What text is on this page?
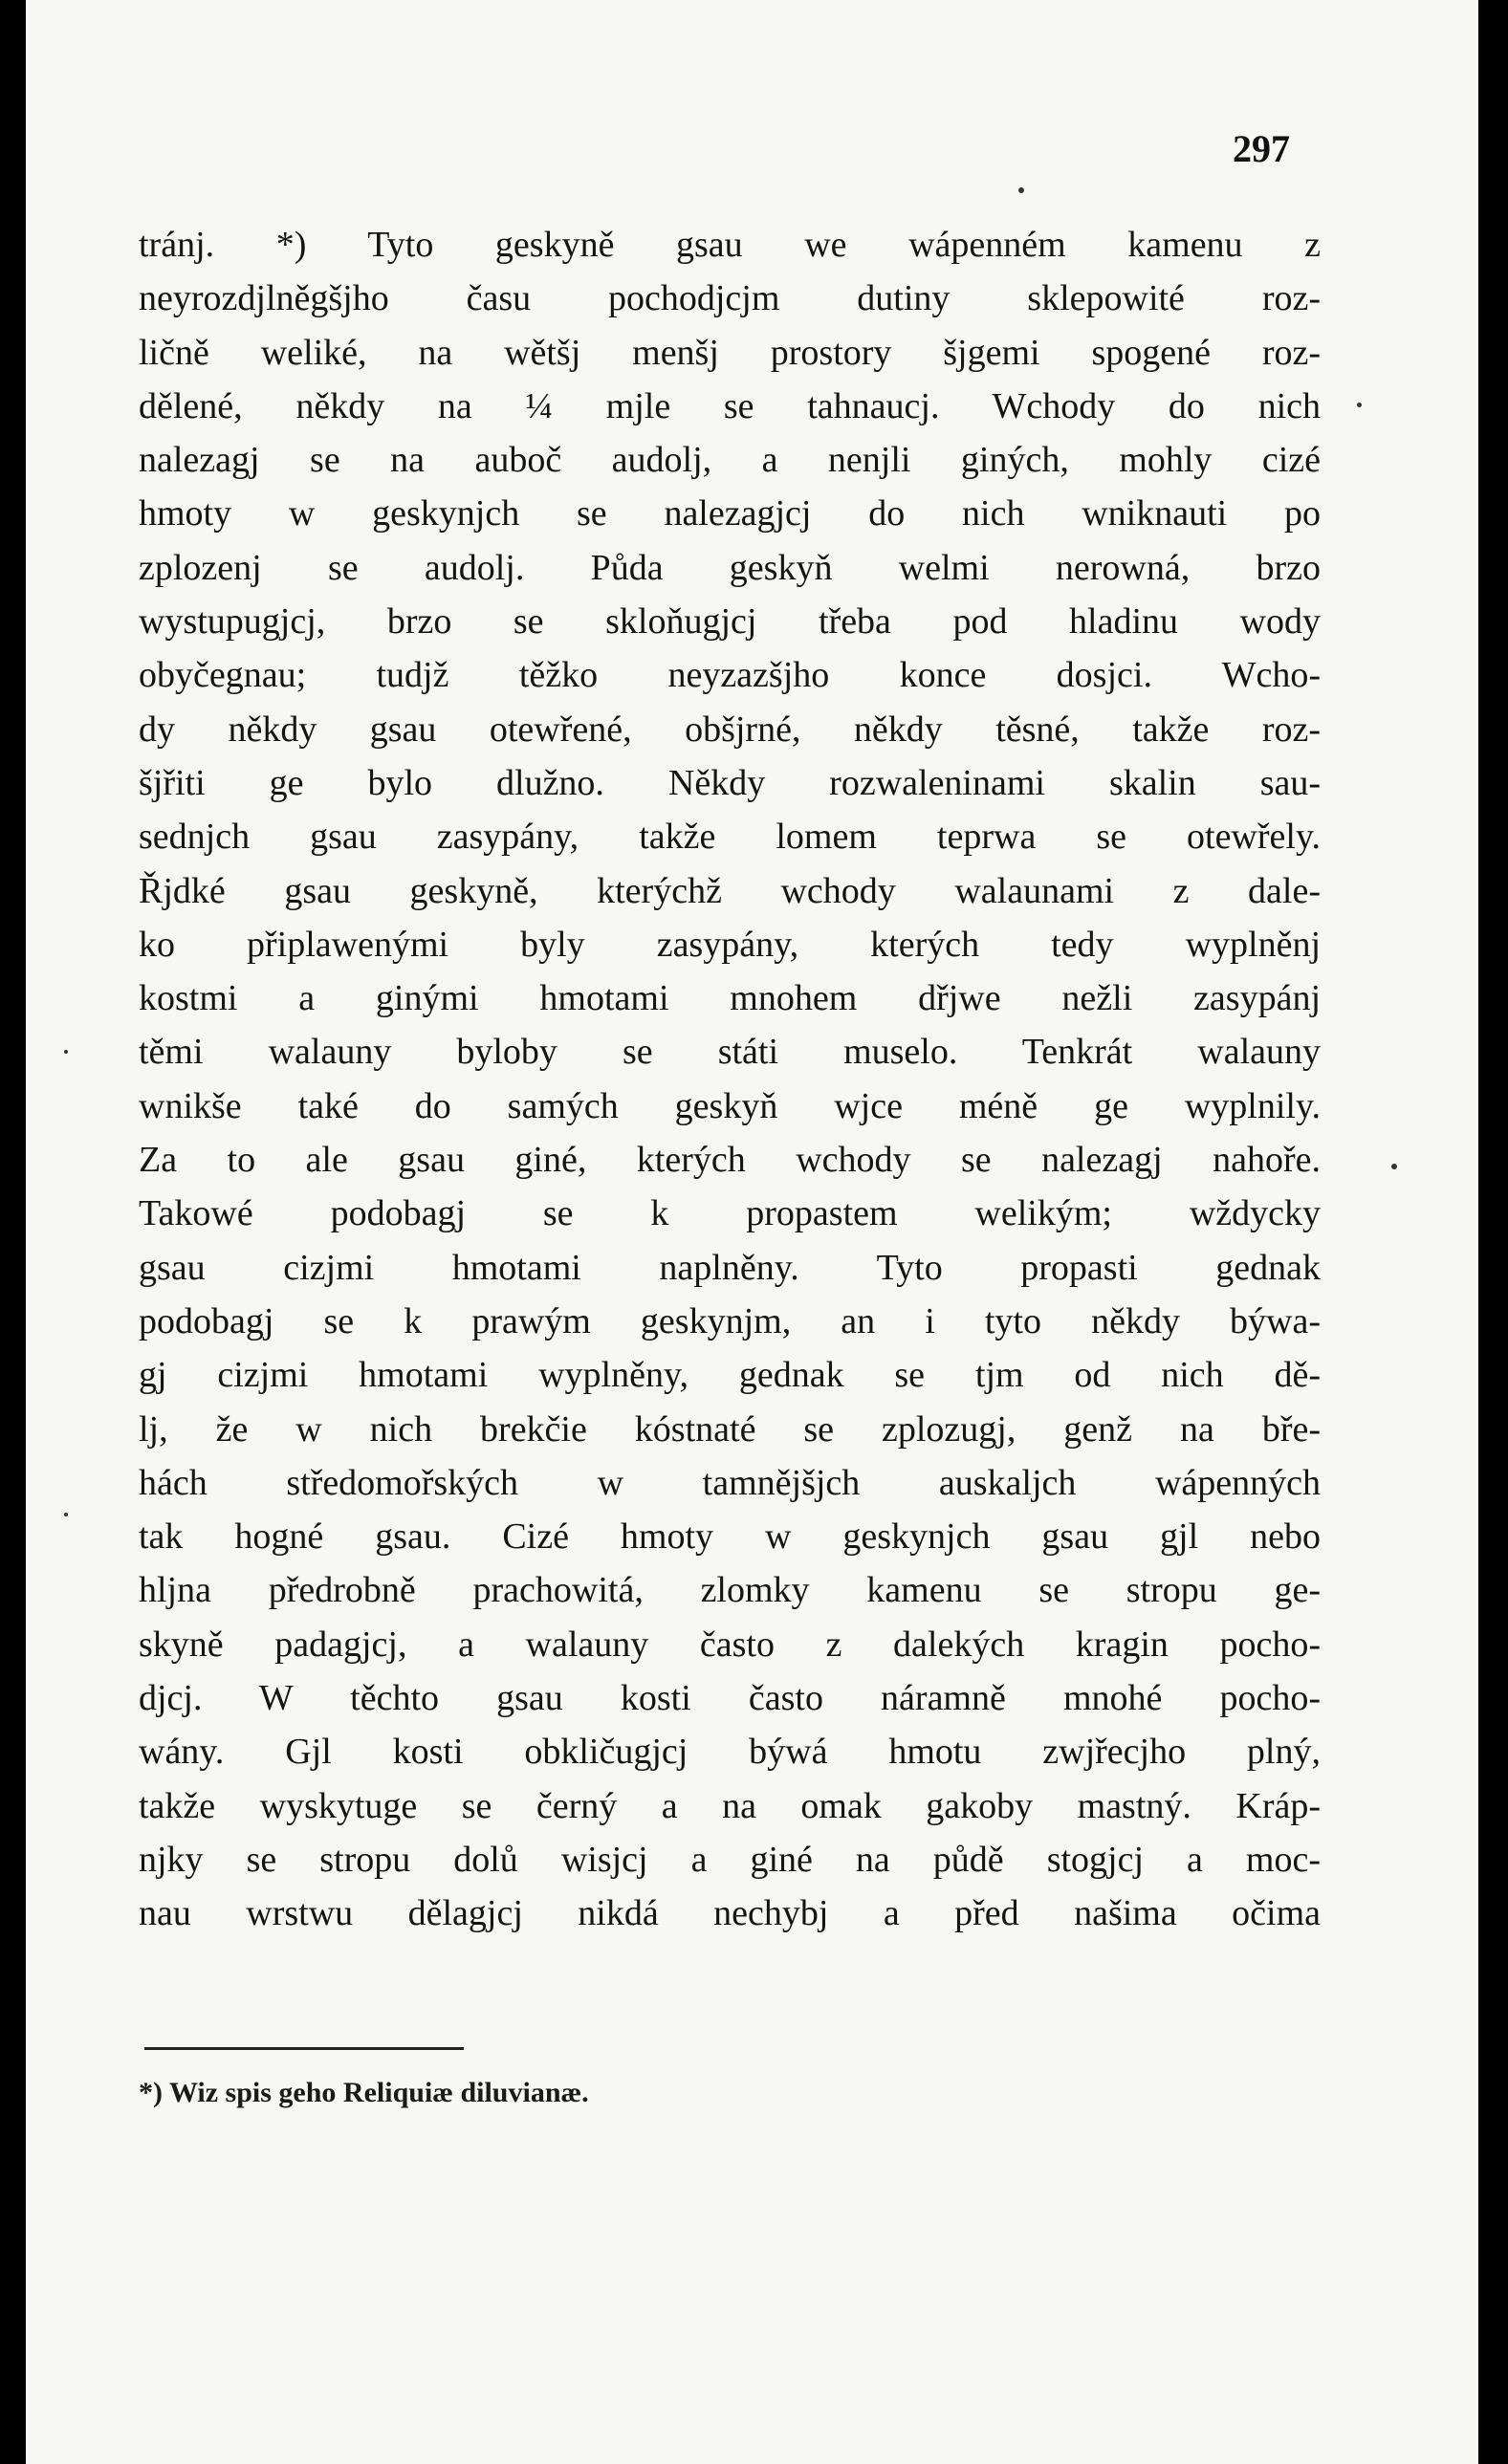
297
tránj. *) Tyto geskyně gsau we wápenném kamenu z
neyrozdjlněgšjho času pochodjcjm dutiny sklepowité roz-
ličně weliké, na wětšj menšj prostory šjgemi spogené roz-
dělené, někdy na ¼ mjle se tahnaucj. Wchody do nich
nalezagj se na auboč audolj, a nenjli giných, mohly cizé
hmoty w geskynjch se nalezagjcj do nich wniknauti po
zplozenj se audolj. Půda geskyň welmi nerowná, brzo
wystupugjcj, brzo se skloňugjcj třeba pod hladinu wody
obyčegnau; tudjž těžko neyzazšjho konce dosjci. Wcho-
dy někdy gsau otewřené, obšjrné, někdy těsné, takže roz-
šjřiti ge bylo dlužno. Někdy rozwaleninami skalin sau-
sednjch gsau zasypány, takže lomem teprwa se otewřely.
Řjdké gsau geskyně, kterýchž wchody walaunami z dale-
ko připlawenými byly zasypány, kterých tedy wyplněnj
kostmi a ginými hmotami mnohem dřjwe nežli zasypánj
těmi walauny byloby se státi muselo. Tenkrát walauny
wnikše také do samých geskyň wjce méně ge wyplnily.
Za to ale gsau giné, kterých wchody se nalezagj nahoře.
Takowé podobagj se k propastem welikým; wždycky
gsau cizjmi hmotami naplněny. Tyto propasti gednak
podobagj se k prawým geskynjm, an i tyto někdy býwa-
gj cizjmi hmotami wyplněny, gednak se tjm od nich dě-
lj, že w nich brekčie kóstnaté se zplozugj, genž na bře-
hách středomořských w tamnějšjch auskaljch wápenných
tak hogné gsau. Cizé hmoty w geskynjch gsau gjl nebo
hljna předrobně prachowitá, zlomky kamenu se stropu ge-
skyně padagjcj, a walauny často z dalekých kragin pocho-
djcj. W těchto gsau kosti často náramně mnohé pocho-
wány. Gjl kosti obkličugjcj býwá hmotu zwjřecjho plný,
takže wyskytuge se černý a na omak gakoby mastný. Kráp-
njky se stropu dolů wisjcj a giné na půdě stogjcj a moc-
nau wrstwu dělagjcj nikdá nechybj a před našima očima
*) Wiz spis geho Reliquiæ diluvianæ.
